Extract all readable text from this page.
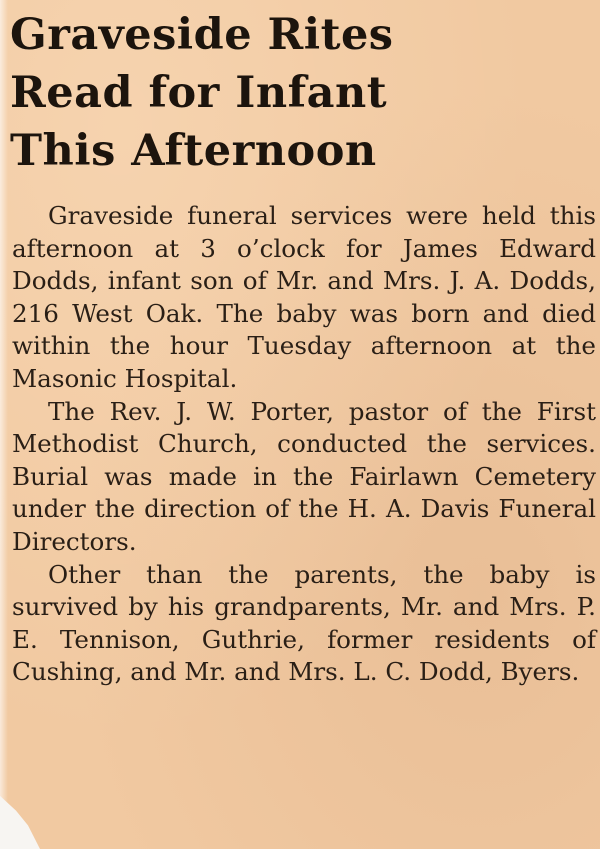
Graveside Rites
Read for Infant
This Afternoon

Graveside funeral services were held this afternoon at 3 o’clock for James Edward Dodds, infant son of Mr. and Mrs. J. A. Dodds, 216 West Oak. The baby was born and died within the hour Tuesday afternoon at the Masonic Hospital.

The Rev. J. W. Porter, pastor of the First Methodist Church, conducted the services. Burial was made in the Fairlawn Cemetery under the direction of the H. A. Davis Funeral Directors.

Other than the parents, the baby is survived by his grandparents, Mr. and Mrs. P. E. Tennison, Guthrie, former residents of Cushing, and Mr. and Mrs. L. C. Dodd, Byers.
